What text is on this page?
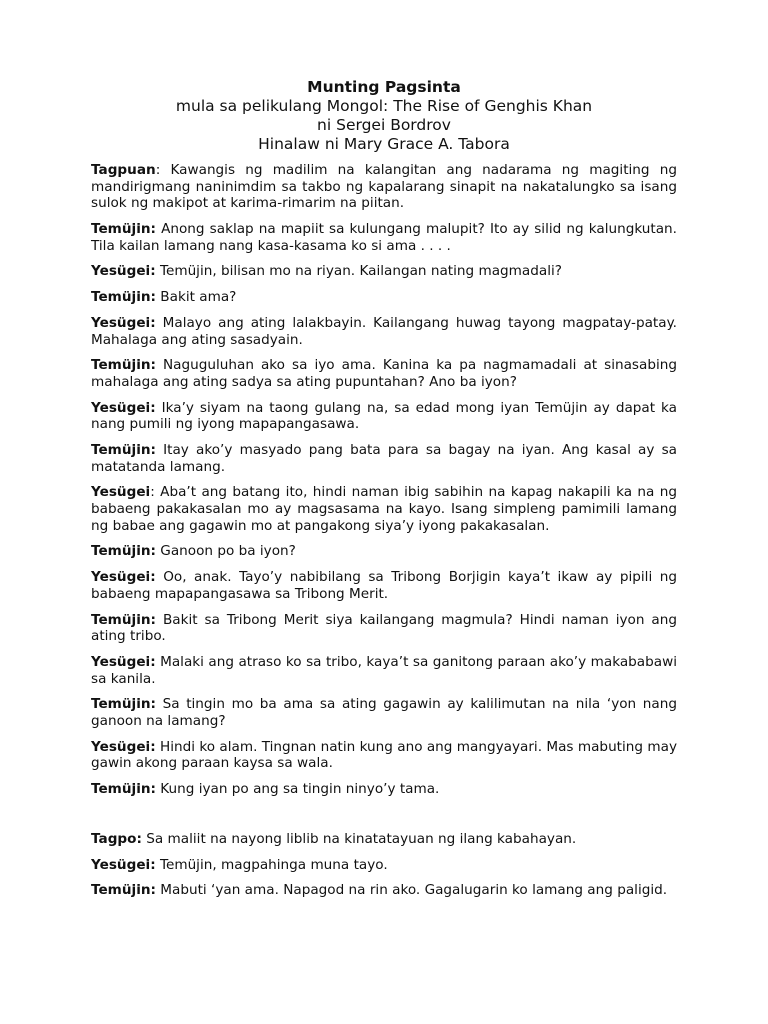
Munting Pagsinta
mula sa pelikulang Mongol: The Rise of Genghis Khan
ni Sergei Bordrov
Hinalaw ni Mary Grace A. Tabora

Tagpuan: Kawangis ng madilim na kalangitan ang nadarama ng magiting ng mandirigmang naninimdim sa takbo ng kapalarang sinapit na nakatalungko sa isang sulok ng makipot at karima-rimarim na piitan.

Temüjin: Anong saklap na mapiit sa kulungang malupit? Ito ay silid ng kalungkutan. Tila kailan lamang nang kasa-kasama ko si ama . . . .

Yesügei: Temüjin, bilisan mo na riyan. Kailangan nating magmadali?

Temüjin: Bakit ama?

Yesügei: Malayo ang ating lalakbayin. Kailangang huwag tayong magpatay-patay. Mahalaga ang ating sasadyain.

Temüjin: Naguguluhan ako sa iyo ama. Kanina ka pa nagmamadali at sinasabing mahalaga ang ating sadya sa ating pupuntahan? Ano ba iyon?

Yesügei: Ika’y siyam na taong gulang na, sa edad mong iyan Temüjin ay dapat ka nang pumili ng iyong mapapangasawa.

Temüjin: Itay ako’y masyado pang bata para sa bagay na iyan. Ang kasal ay sa matatanda lamang.

Yesügei: Aba’t ang batang ito, hindi naman ibig sabihin na kapag nakapili ka na ng babaeng pakakasalan mo ay magsasama na kayo. Isang simpleng pamimili lamang ng babae ang gagawin mo at pangakong siya’y iyong pakakasalan.

Temüjin: Ganoon po ba iyon?

Yesügei: Oo, anak. Tayo’y nabibilang sa Tribong Borjigin kaya’t ikaw ay pipili ng babaeng mapapangasawa sa Tribong Merit.

Temüjin: Bakit sa Tribong Merit siya kailangang magmula? Hindi naman iyon ang ating tribo.

Yesügei: Malaki ang atraso ko sa tribo, kaya’t sa ganitong paraan ako’y makababawi sa kanila.

Temüjin: Sa tingin mo ba ama sa ating gagawin ay kalilimutan na nila ‘yon nang ganoon na lamang?

Yesügei: Hindi ko alam. Tingnan natin kung ano ang mangyayari. Mas mabuting may gawin akong paraan kaysa sa wala.

Temüjin: Kung iyan po ang sa tingin ninyo’y tama.

Tagpo: Sa maliit na nayong liblib na kinatatayuan ng ilang kabahayan.

Yesügei: Temüjin, magpahinga muna tayo.

Temüjin: Mabuti ‘yan ama. Napagod na rin ako. Gagalugarin ko lamang ang paligid.
